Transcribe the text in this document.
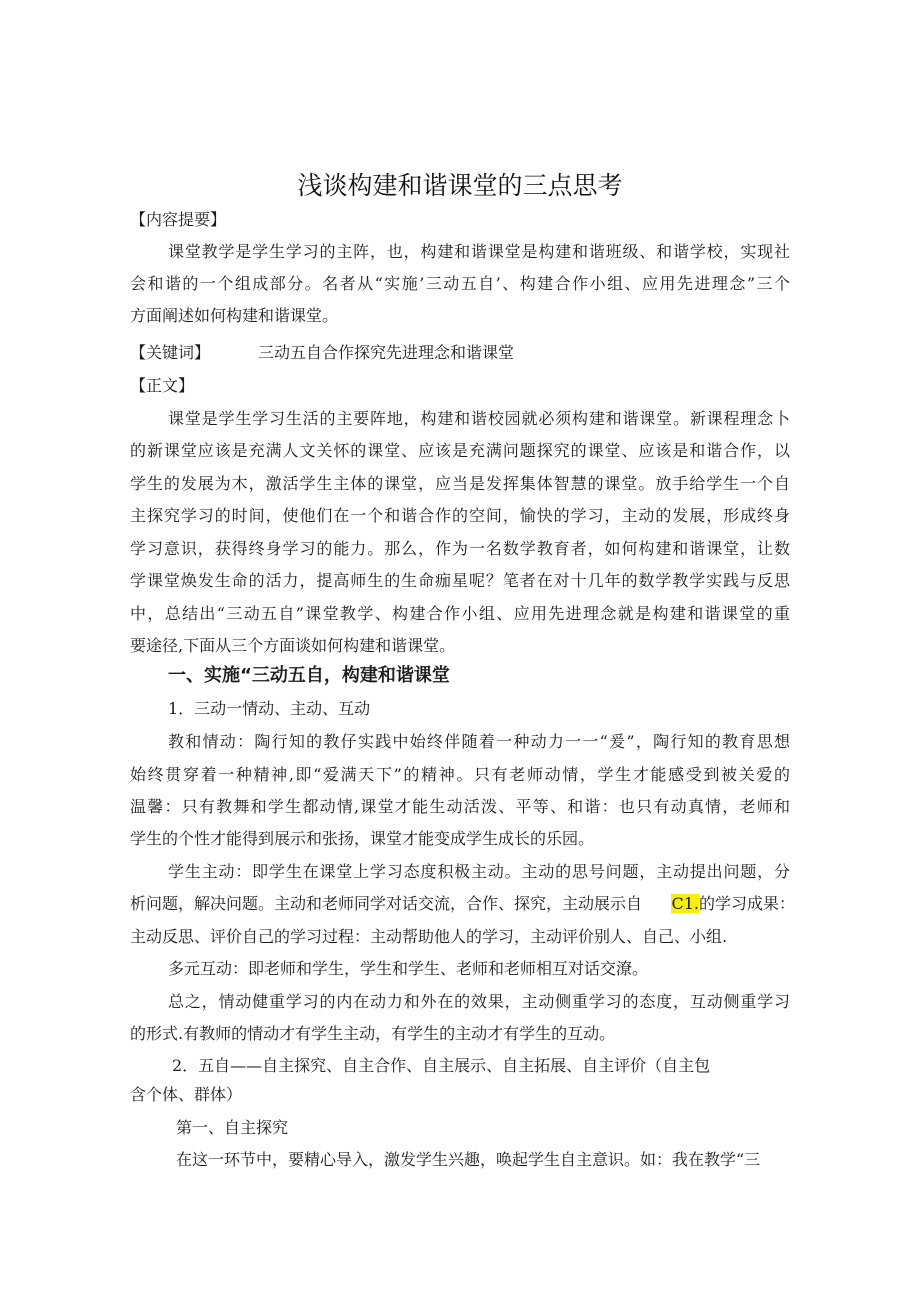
浅谈构建和谐课堂的三点思考
【内容提要】
课堂教学是学生学习的主阵，也，构建和谐课堂是构建和谐班级、和谐学校，实现社
会和谐的一个组成部分。名者从“实施’三动五自’、构建合作小组、应用先进理念”三个
方面阐述如何构建和谐课堂。
【关键词】	三动五自合作探究先进理念和谐课堂
【正文】
课堂是学生学习生活的主要阵地，构建和谐校园就必须构建和谐课堂。新课程理念卜
的新课堂应该是充满人文关怀的课堂、应该是充满问题探究的课堂、应该是和谐合作，以
学生的发展为木，激活学生主体的课堂，应当是发挥集体智慧的课堂。放手给学生一个自
主探究学习的时间，使他们在一个和谐合作的空间，愉快的学习，主动的发展，形成终身
学习意识，获得终身学习的能力。那么，作为一名数学教育者，如何构建和谐课堂，让数
学课堂焕发生命的活力，提高师生的生命痂星呢？笔者在对十几年的数学教学实践与反思
中，总结出“三动五自”课堂教学、构建合作小组、应用先进理念就是构建和谐课堂的重
要途径,下面从三个方面谈如何构建和谐课堂。
一、实施“三动五自，构建和谐课堂
1．三动一情动、主动、互动
教和情动：陶行知的教仔实践中始终伴随着一种动力一一“爰”，陶行知的教育思想
始终贯穿着一种精神,即“爱满天下”的精神。只有老师动情，学生才能感受到被关爱的
温馨：只有教舞和学生都动情,课堂才能生动活泼、平等、和谐：也只有动真情，老师和
学生的个性才能得到展示和张扬，课堂才能变成学生成长的乐园。
学生主动：即学生在课堂上学习态度积极主动。主动的思号问题，主动提出问题，分
析问题，解决问题。主动和老师同学对话交流，合作、探究，主动展示自 C1.的学习成果：
主动反思、评价自己的学习过程：主动帮助他人的学习，主动评价别人、自己、小组.
多元互动：即老师和学生，学生和学生、老师和老师相互对话交潦。
总之，情动健重学习的内在动力和外在的效果，主动侧重学习的态度，互动侧重学习
的形式.有教师的情动才有学生主动，有学生的主动才有学生的互动。
2．五自——自主探究、自主合作、自主展示、自主拓展、自主评价（自主包
含个体、群体）
第一、自主探究
在这一环节中，要精心导入，激发学生兴趣，唤起学生自主意识。如：我在教学“三
